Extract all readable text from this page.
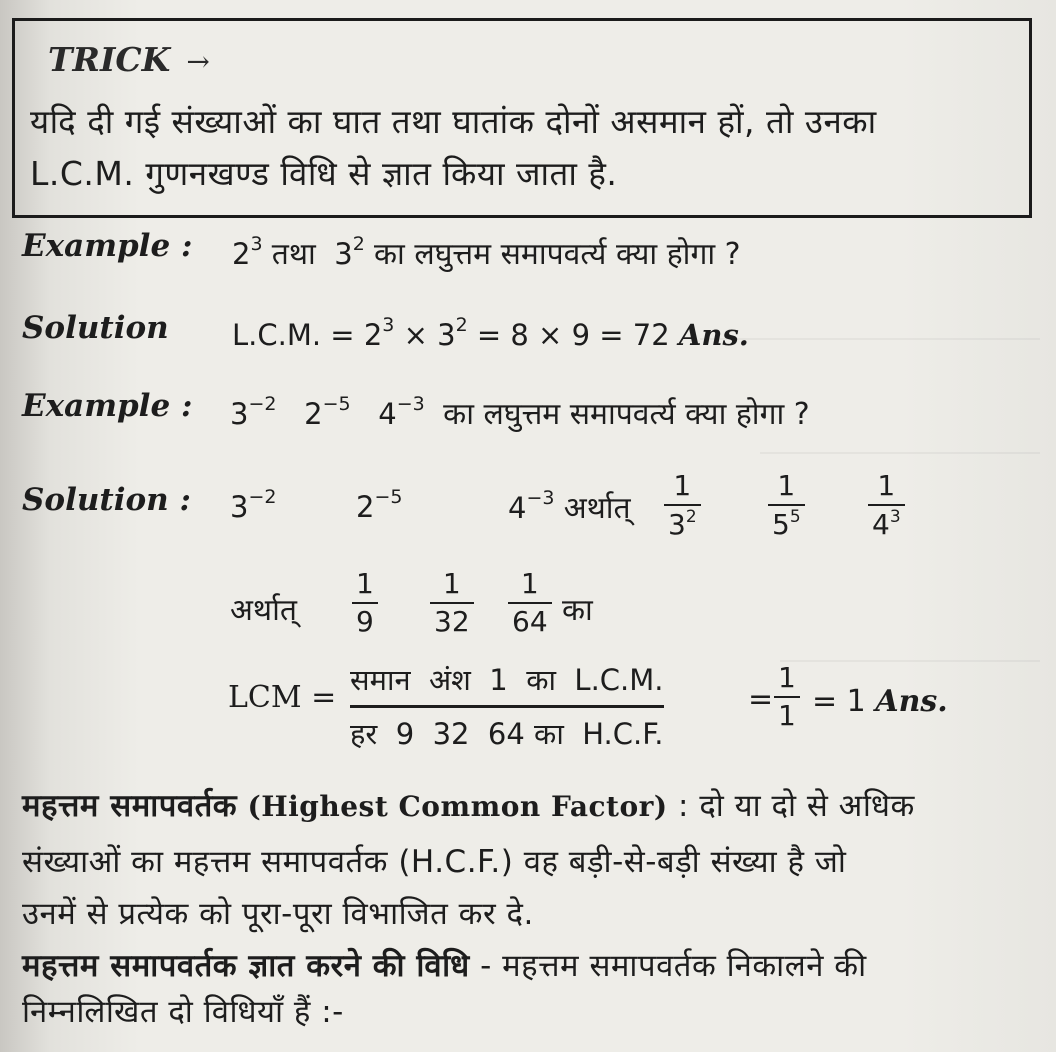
TRICK →
यदि दी गई संख्याओं का घात तथा घातांक दोनों असमान हों, तो उनका
L.C.M. गुणनखण्ड विधि से ज्ञात किया जाता है.
Example : $2^3$ तथा $3^2$ का लघुत्तम समापवर्त्य क्या होगा ?
Solution L.C.M. = $2^3 \times 3^2 = 8 \times 9 = 72$ Ans.
Example : $3^{-2}$ $2^{-5}$ $4^{-3}$ का लघुत्तम समापवर्त्य क्या होगा ?
Solution : $3^{-2}$	$2^{-5}$	$4^{-3}$ अर्थात्
1
$3^2$
1
$5^5$
1
$4^3$
अर्थात्
1
9
1
32
1
64 का
LCM = समान  अंश  1  का  L.C.M.
हर  9  32  64 का  H.C.F.
=
1
1 = 1 Ans.
महत्तम समापवर्तक (Highest Common Factor) : दो या दो से अधिक
संख्याओं का महत्तम समापवर्तक (H.C.F.) वह बड़ी-से-बड़ी संख्या है जो
उनमें से प्रत्येक को पूरा-पूरा विभाजित कर दे.
महत्तम समापवर्तक ज्ञात करने की विधि - महत्तम समापवर्तक निकालने की
निम्नलिखित दो विधियाँ हैं :-
